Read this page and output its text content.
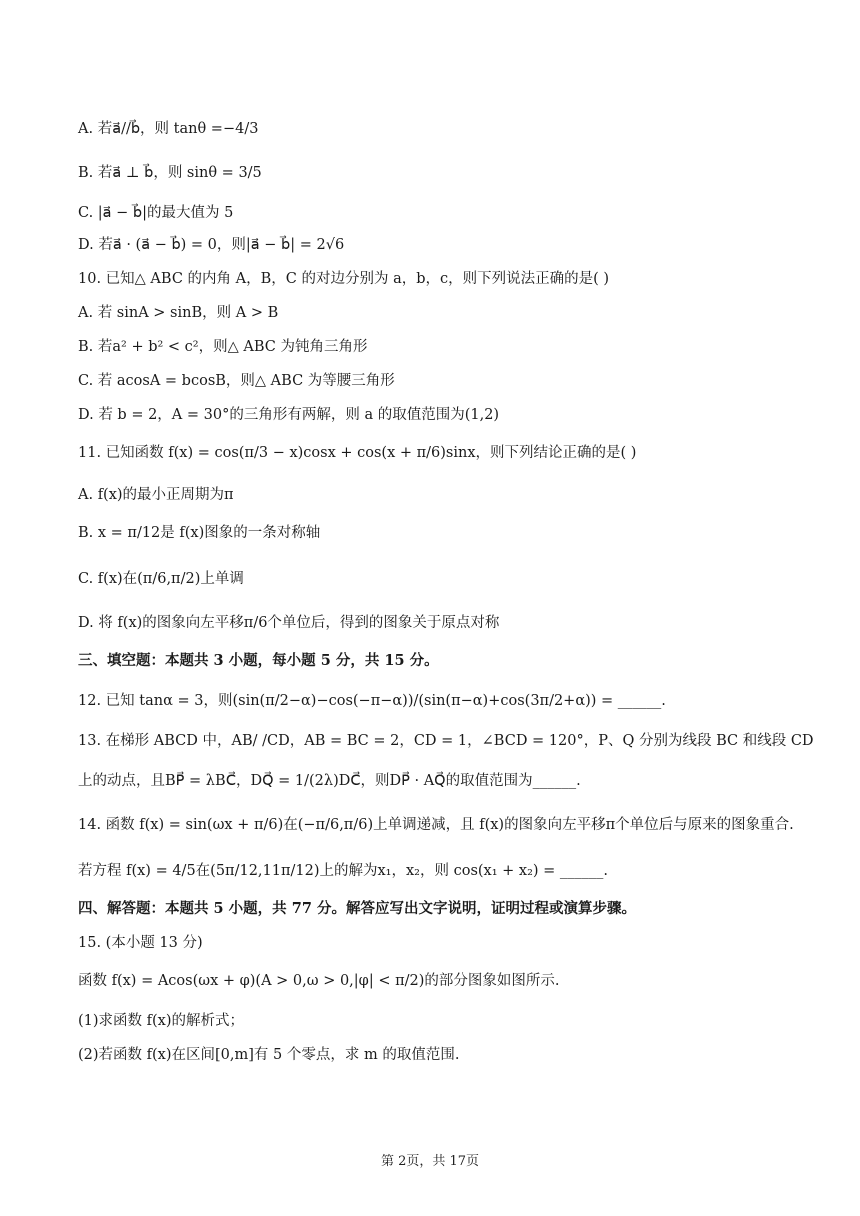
A. 若a⃗//b⃗，则 tanθ =−4/3
B. 若a⃗ ⊥ b⃗，则 sinθ = 3/5
C. |a⃗ − b⃗|的最大值为 5
D. 若a⃗ · (a⃗ − b⃗) = 0，则|a⃗ − b⃗| = 2√6
10. 已知△ ABC 的内角 A，B，C 的对边分别为 a，b，c，则下列说法正确的是( )
A. 若 sinA > sinB，则 A > B
B. 若a² + b² < c²，则△ ABC 为钝角三角形
C. 若 acosA = bcosB，则△ ABC 为等腰三角形
D. 若 b = 2，A = 30°的三角形有两解，则 a 的取值范围为(1,2)
11. 已知函数 f(x) = cos(π/3 − x)cosx + cos(x + π/6)sinx，则下列结论正确的是( )
A. f(x)的最小正周期为π
B. x = π/12是 f(x)图象的一条对称轴
C. f(x)在(π/6,π/2)上单调
D. 将 f(x)的图象向左平移π/6个单位后，得到的图象关于原点对称
三、填空题：本题共 3 小题，每小题 5 分，共 15 分。
12. 已知 tanα = 3，则(sin(π/2−α)−cos(−π−α))/(sin(π−α)+cos(3π/2+α)) = ______.
13. 在梯形 ABCD 中，AB/ /CD，AB = BC = 2，CD = 1，∠BCD = 120°，P、Q 分别为线段 BC 和线段 CD
上的动点，且BP⃗ = λBC⃗，DQ⃗ = 1/(2λ)DC⃗，则DP⃗ · AQ⃗的取值范围为______.
14. 函数 f(x) = sin(ωx + π/6)在(−π/6,π/6)上单调递减，且 f(x)的图象向左平移π个单位后与原来的图象重合.
若方程 f(x) = 4/5在(5π/12,11π/12)上的解为x₁，x₂，则 cos(x₁ + x₂) = ______.
四、解答题：本题共 5 小题，共 77 分。解答应写出文字说明，证明过程或演算步骤。
15. (本小题 13 分)
函数 f(x) = Acos(ωx + φ)(A > 0,ω > 0,|φ| < π/2)的部分图象如图所示.
(1)求函数 f(x)的解析式；
(2)若函数 f(x)在区间[0,m]有 5 个零点，求 m 的取值范围.
第 2页，共 17页
